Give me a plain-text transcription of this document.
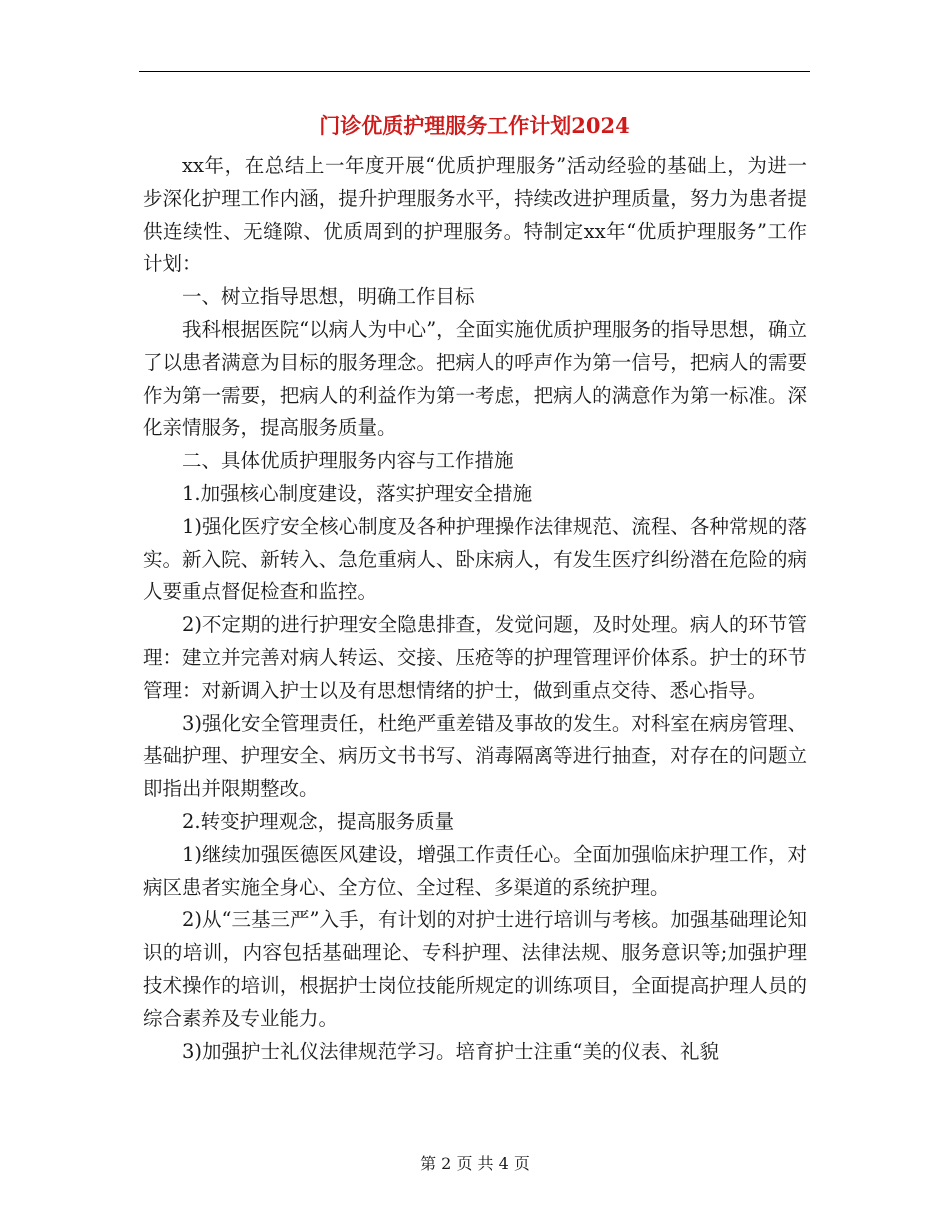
门诊优质护理服务工作计划2024

xx年，在总结上一年度开展“优质护理服务”活动经验的基础上，为进一步深化护理工作内涵，提升护理服务水平，持续改进护理质量，努力为患者提供连续性、无缝隙、优质周到的护理服务。特制定xx年“优质护理服务”工作计划：

一、树立指导思想，明确工作目标

我科根据医院“以病人为中心”，全面实施优质护理服务的指导思想，确立了以患者满意为目标的服务理念。把病人的呼声作为第一信号，把病人的需要作为第一需要，把病人的利益作为第一考虑，把病人的满意作为第一标准。深化亲情服务，提高服务质量。

二、具体优质护理服务内容与工作措施

1.加强核心制度建设，落实护理安全措施

1)强化医疗安全核心制度及各种护理操作法律规范、流程、各种常规的落实。新入院、新转入、急危重病人、卧床病人，有发生医疗纠纷潜在危险的病人要重点督促检查和监控。

2)不定期的进行护理安全隐患排查，发觉问题，及时处理。病人的环节管理：建立并完善对病人转运、交接、压疮等的护理管理评价体系。护士的环节管理：对新调入护士以及有思想情绪的护士，做到重点交待、悉心指导。

3)强化安全管理责任，杜绝严重差错及事故的发生。对科室在病房管理、基础护理、护理安全、病历文书书写、消毒隔离等进行抽查，对存在的问题立即指出并限期整改。

2.转变护理观念，提高服务质量

1)继续加强医德医风建设，增强工作责任心。全面加强临床护理工作，对病区患者实施全身心、全方位、全过程、多渠道的系统护理。

2)从“三基三严”入手，有计划的对护士进行培训与考核。加强基础理论知识的培训，内容包括基础理论、专科护理、法律法规、服务意识等;加强护理技术操作的培训，根据护士岗位技能所规定的训练项目，全面提高护理人员的综合素养及专业能力。

3)加强护士礼仪法律规范学习。培育护士注重“美的仪表、礼貌

第 2 页 共 4 页
